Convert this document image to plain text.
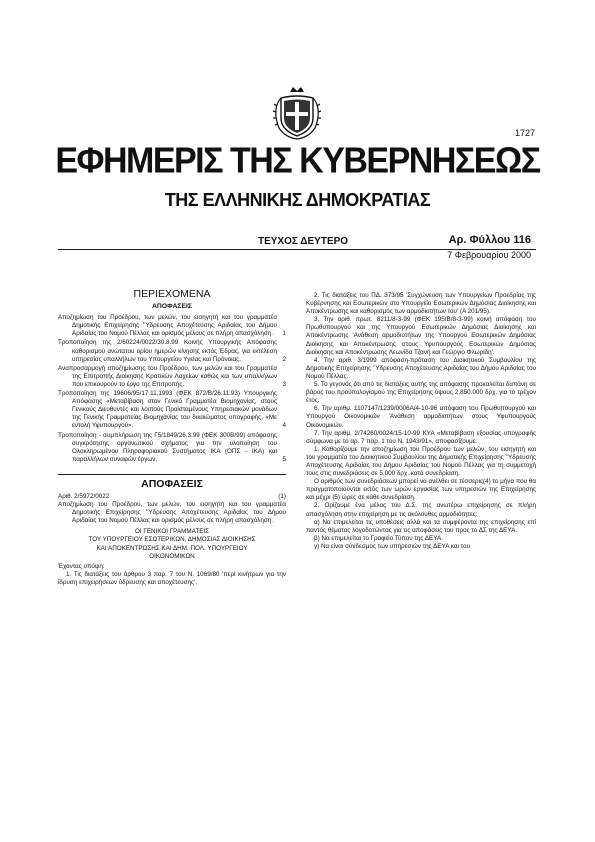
1727
ΕΦΗΜΕΡΙΣ ΤΗΣ ΚΥΒΕΡΝΗΣΕΩΣ
ΤΗΣ ΕΛΛΗΝΙΚΗΣ ΔΗΜΟΚΡΑΤΙΑΣ
ΤΕΥΧΟΣ ΔΕΥΤΕΡΟ	Αρ. Φύλλου 116
7 Φεβρουαρίου 2000

ΠΕΡΙΕΧΟΜΕΝΑ

ΑΠΟΦΑΣΕΙΣ

Αποζημίωση του Προέδρου, των μελών, του εισηγητή και του γραμματέα Δημοτικής Επιχείρησης 'Ύδρευσης Αποχέτευσης Αριδαίας του Δήμου Αριδαίας του Νομού Πέλλας και ορισμός μέλους σε πλήρη απασχόληση.	1

Τροποποίηση της 2/60224/0022/30.8.99 Κοινής Υπουργικής Απόφασης καθορισμού ανώτατου ορίου ημερών κίνησης εκτός Έδρας, για εκτέλεση υπηρεσίας υπαλλήλων του Υπουργείου Υγείας και Πρόνοιας.	2

Αναπροσαρμογή αποζημίωσης του Προέδρου, των μελών και του Γραμματέα της Επιτροπής Διοίκησης Κρατικών Λαχείων καθώς και των υπαλλήλων που επικουρούν το έργο της Επιτροπής.	3

Τροποποίηση της 19606/95/17.11.1993 (ΦΕΚ 872/Β/26.11.93) Υπουργικής Απόφασης «Μεταβίβαση στον Γενικό Γραμματέα Βιομηχανίας, στους Γενικούς Διευθυντές και λοιπούς Προϊσταμένους Υπηρεσιακών μονάδων της Γενικής Γραμματείας Βιομηχανίας του δικαιώματος υπογραφής, «Με εντολή Υφυπουργού».	4

Τροποποίηση - συμπλήρωση της Γ5/1849/26.3.99 (ΦΕΚ 300Β/99) απόφασης συγκρότησης οργανωτικού σχήματος για την υλοποίηση του Ολοκληρωμένου Πληροφοριακού Συστήματος ΙΚΑ (ΟΠΣ - ΙΚΑ) και παραλλήλων συναφών έργων.	5

ΑΠΟΦΑΣΕΙΣ

Αριθ. 2/5972/0022	(1)

Αποζημίωση του Προέδρου, των μελών, του εισηγητή και του γραμματέα Δημοτικής Επιχείρησης 'Ύδρευσης Αποχέτευσης Αριδαίας του Δήμου Αριδαίας του Νομού Πέλλας και ορισμός μέλους σε πλήρη απασχόληση.

ΟΙ ΓΕΝΙΚΟΙ ΓΡΑΜΜΑΤΕΙΣ

ΤΟΥ ΥΠΟΥΡΓΕΙΟΥ ΕΣΩΤΕΡΙΚΩΝ, ΔΗΜΟΣΙΑΣ ΔΙΟΙΚΗΣΗΣ

ΚΑΙ ΑΠΟΚΕΝΤΡΩΣΗΣ ΚΑΙ ΔΗΜ. ΠΟΛ. ΥΠΟΥΡΓΕΙΟΥ

ΟΙΚΟΝΟΜΙΚΩΝ

Έχοντας υπόψη:

1. Τις διατάξεις του άρθρου 3 παρ. 7 του Ν. 1069/80 'περί κινήτρων για την ίδρυση επιχειρήσεων ύδρευσης και αποχέτευσης'.

2. Τις διατάξεις του ΠΔ. 373/95 'Συγχώνευση των Υπουργείων Προεδρίας της Κυβέρνησης και Εσωτερικών στο Υπουργείο Εσωτερικών Δημόσιας Διοίκησης και Αποκέντρωσης και καθορισμός των αρμοδιοτήτων του' (Α 201/95).

3. Την αριθ. πρωτ. 8211/8-3-99 (ΦΕΚ 195/Β/8-3-99) κοινή απόφαση του Πρωθυπουργού και της Υπουργού Εσωτερικών Δημόσιας Διοίκησης και Αποκέντρωσης 'Ανάθεση αρμοδιοτήτων της Υπουργού Εσωτερικών Δημόσιας Διοίκησης και Αποκέντρωσης στους Υφυπουργούς Εσωτερικών Δημόσιας Διοίκησης και Αποκέντρωσης Λεωνίδα Τζανή και Γεώργιο Φλωρίδη'.

4. Την αριθ. 3/1999 απόφαση-πρόταση του Διοικητικού Συμβουλίου της Δημοτικής Επιχείρησης 'Ύδρευσης Αποχέτευσης Αριδαίας του Δήμου Αριδαίας του Νομού Πέλλας.

5. Το γεγονός ότι από τις διατάξεις αυτής της απόφασης προκαλείται δαπάνη σε βάρος του προϋπολογισμού της Επιχείρησης ύψους 2.850.000 δρχ. για το τρέχον έτος.

6. Την αριθμ. 1107147/1239/0006Α/4-10-96 απόφαση του Πρωθυπουργού και Υπουργού Οικονομικών 'Ανάθεση αρμοδιοτήτων στους Υφυπουργούς Οικονομικών.

7. Την αριθμ. 2/74260/0024/15-10-99 ΚΥΑ «Μεταβίβαση εξουσίας υπογραφής σύμφωνα με το αρ. 7 παρ. 1 του Ν. 1943/91», αποφασίζουμε:

1. Καθορίζουμε την αποζημίωση του Προέδρου των μελών, του εισηγητή και του γραμματέα του Διοικητικού Συμβουλίου της Δημοτικής Επιχείρησης 'Ύδρευσης Αποχέτευσης Αριδαίας του Δήμου Αριδαίας του Νομού Πέλλας για τη συμμετοχή τους στις συνεδριάσεις σε 5.000 δρχ. κατά συνεδρίαση.

Ο αριθμός των συνεδριάσεων μπορεί να ανέλθει σε τέσσερις(4) το μήνα που θα πραγματοποιούνται εκτός των ωρών εργασίας των υπηρεσιών της Επιχείρησης και μέχρι (5) ώρες σε κάθε συνεδρίαση.

2. Ορίζουμε ένα μέλος του Δ.Σ. της ανωτέρω επιχείρησης σε πλήρη απασχόληση στην επιχείρηση με τις ακόλουθες αρμοδιότητες:

α) Να επιμελείται τις υποθέσεις αλλά και τα συμφέροντα της επιχείρησης επί παντός θέματος λογοδοτώντας για τις αποφάσεις του προς το ΔΣ της ΔΕΥΑ.

β) Να επιμελείται το Γραφείο Τύπου της ΔΕΥΑ.

γ) Να είναι σύνδεσμος των υπηρεσιών της ΔΕΥΑ και του
